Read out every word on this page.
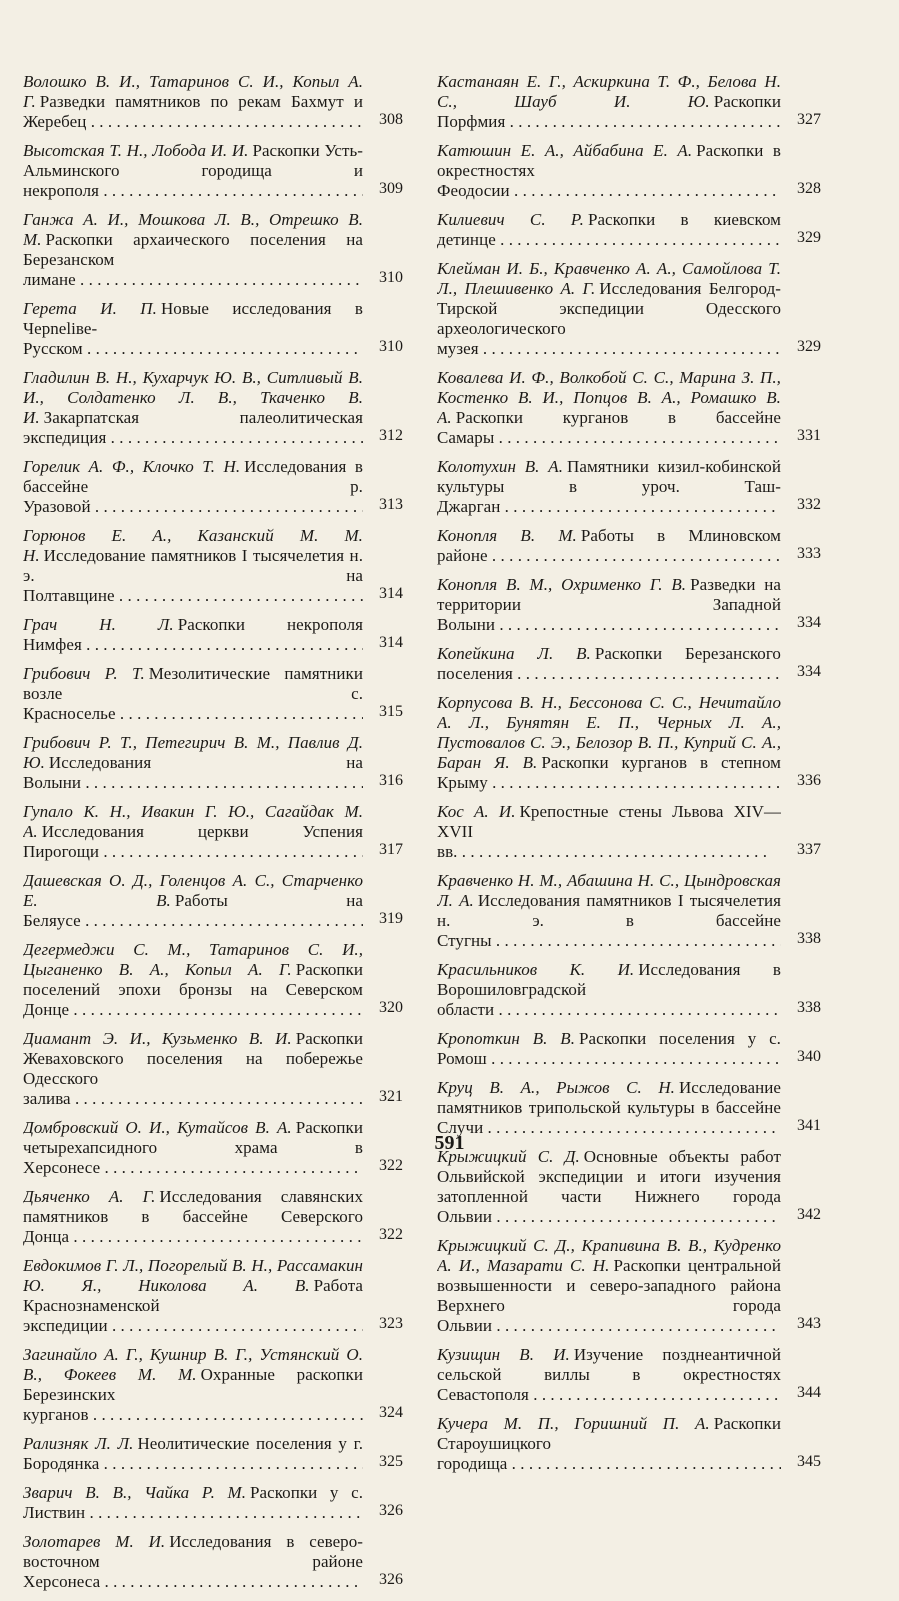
Волошко В. И., Татаринов С. И., Копыл А. Г. Разведки памятников по рекам Бахмут и Жеребец . . .	308
Высотская Т. Н., Лобода И. И. Раскопки Усть-Альминского городища и некрополя . . .	309
Ганжа А. И., Мошкова Л. В., Отрешко В. М. Раскопки архаического поселения на Березанском лимане . . .	310
Герета И. П. Новые исследования в Черneliве-Русском . . .	310
Гладилин В. Н., Кухарчук Ю. В., Ситливый В. И., Солдатенко Л. В., Ткаченко В. И. Закарпатская палеолитическая экспедиция . . .	312
Горелик А. Ф., Клочко Т. Н. Исследования в бассейне р. Уразовой . . .	313
Горюнов Е. А., Казанский М. М. Н. Исследование памятников I тысячелетия н. э. на Полтавщине . . .	314
Грач Н. Л. Раскопки некрополя Нимфея . . .	314
Грибович Р. Т. Мезолитические памятники возле с. Красноселье . . .	315
Грибович Р. Т., Петегирич В. М., Павлив Д. Ю. Исследования на Волыни . . .	316
Гупало К. Н., Ивакин Г. Ю., Сагайдак М. А. Исследования церкви Успения Пирогощи . . .	317
Дашевская О. Д., Голенцов А. С., Старченко Е. В. Работы на Беляусе . . .	319
Дегермеджи С. М., Татаринов С. И., Цыганенко В. А., Копыл А. Г. Раскопки поселений эпохи бронзы на Северском Донце . . .	320
Диамант Э. И., Кузьменко В. И. Раскопки Жеваховского поселения на побережье Одесского залива . . .	321
Домбровский О. И., Кутайсов В. А. Раскопки четырехапсидного храма в Херсонесе . . .	322
Дьяченко А. Г. Исследования славянских памятников в бассейне Северского Донца . . .	322
Евдокимов Г. Л., Погорелый В. Н., Рассамакин Ю. Я., Николова А. В. Работа Краснознаменской экспедиции . . .	323
Загинайло А. Г., Кушнир В. Г., Устянский О. В., Фокеев М. М. Охранные раскопки Березинских курганов . . .	324
Рализняк Л. Л. Неолитические поселения у г. Бородянка . . .	325
Зварич В. В., Чайка Р. М. Раскопки у с. Листвин . . .	326
Золотарев М. И. Исследования в северо-восточном районе Херсонеса . . .	326
Кастанаян Е. Г., Аскиркина Т. Ф., Белова Н. С., Шауб И. Ю. Раскопки Порфмия . . .	327
Катюшин Е. А., Айбабина Е. А. Раскопки в окрестностях Феодосии . . .	328
Килиевич С. Р. Раскопки в киевском детинце . . .	329
Клейман И. Б., Кравченко А. А., Самойлова Т. Л., Плешивенко А. Г. Исследования Белгород-Тирской экспедиции Одесского археологического музея . . .	329
Ковалева И. Ф., Волкобой С. С., Марина З. П., Костенко В. И., Попцов В. А., Ромашко В. А. Раскопки курганов в бассейне Самары . . .	331
Колотухин В. А. Памятники кизил-кобинской культуры в уроч. Таш-Джарган . . .	332
Конопля В. М. Работы в Млиновском районе . . .	333
Конопля В. М., Охрименко Г. В. Разведки на территории Западной Волыни . . .	334
Копейкина Л. В. Раскопки Березанского поселения . . .	334
Корпусова В. Н., Бессонова С. С., Нечитайло А. Л., Бунятян Е. П., Черных Л. А., Пустовалов С. Э., Белозор В. П., Куприй С. А., Баран Я. В. Раскопки курганов в степном Крыму . . .	336
Кос А. И. Крепостные стены Львова XIV—XVII вв. . . .	337
Кравченко Н. М., Абашина Н. С., Цындровская Л. А. Исследования памятников I тысячелетия н. э. в бассейне Стугны . . .	338
Красильников К. И. Исследования в Ворошиловградской области . . .	338
Кропоткин В. В. Раскопки поселения у с. Ромош . . .	340
Круц В. А., Рыжов С. Н. Исследование памятников трипольской культуры в бассейне Случи . . .	341
Крыжицкий С. Д. Основные объекты работ Ольвийской экспедиции и итоги изучения затопленной части Нижнего города Ольвии . . .	342
Крыжицкий С. Д., Крапивина В. В., Кудренко А. И., Мазарати С. Н. Раскопки центральной возвышенности и северо-западного района Верхнего города Ольвии . . .	343
Кузищин В. И. Изучение позднеантичной сельской виллы в окрестностях Севастополя . . .	344
Кучера М. П., Горишний П. А. Раскопки Староушицкого городища . . .	345
591
